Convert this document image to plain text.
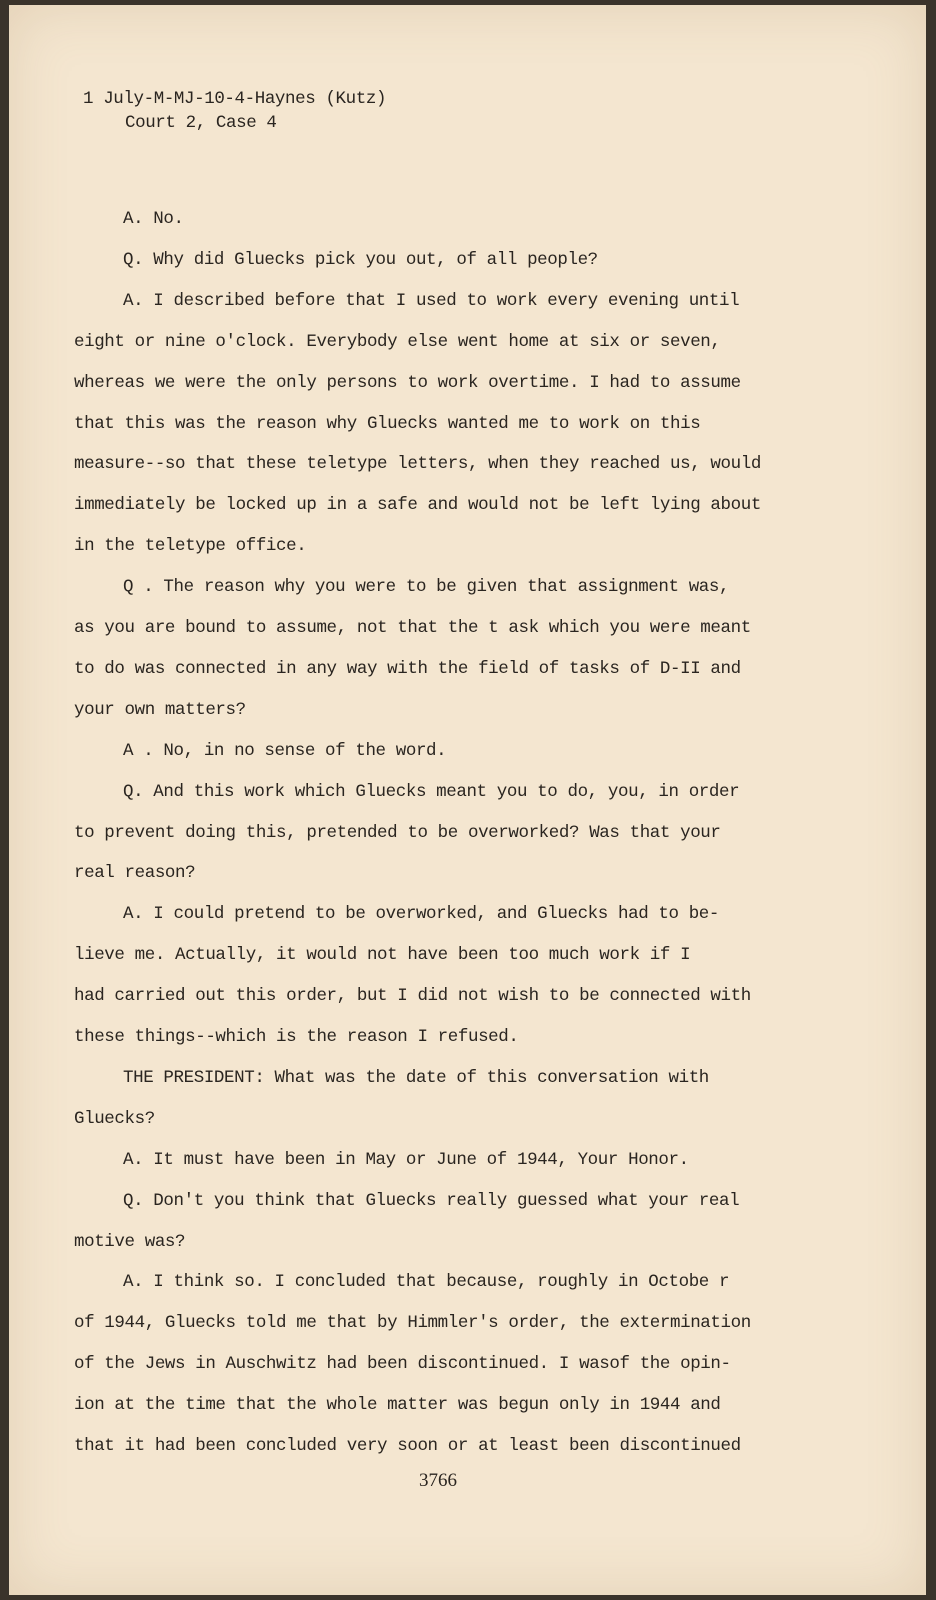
1 July-M-MJ-10-4-Haynes (Kutz)
Court 2, Case 4
A. No.
Q. Why did Gluecks pick you out, of all people?
A. I described before that I used to work every evening until
eight or nine o'clock. Everybody else went home at six or seven,
whereas we were the only persons to work overtime. I had to assume
that this was the reason why Gluecks wanted me to work on this
measure--so that these teletype letters, when they reached us, would
immediately be locked up in a safe and would not be left lying about
in the teletype office.
Q . The reason why you were to be given that assignment was,
as you are bound to assume, not that the t ask which you were meant
to do was connected in any way with the field of tasks of D-II and
your own matters?
A . No, in no sense of the word.
Q. And this work which Gluecks meant you to do, you, in order
to prevent doing this, pretended to be overworked? Was that your
real reason?
A. I could pretend to be overworked, and Gluecks had to be-
lieve me. Actually, it would not have been too much work if I
had carried out this order, but I did not wish to be connected with
these things--which is the reason I refused.
THE PRESIDENT: What was the date of this conversation with
Gluecks?
A. It must have been in May or June of 1944, Your Honor.
Q. Don't you think that Gluecks really guessed what your real
motive was?
A. I think so. I concluded that because, roughly in Octobe r
of 1944, Gluecks told me that by Himmler's order, the extermination
of the Jews in Auschwitz had been discontinued. I wasof the opin-
ion at the time that the whole matter was begun only in 1944 and
that it had been concluded very soon or at least been discontinued
3766
